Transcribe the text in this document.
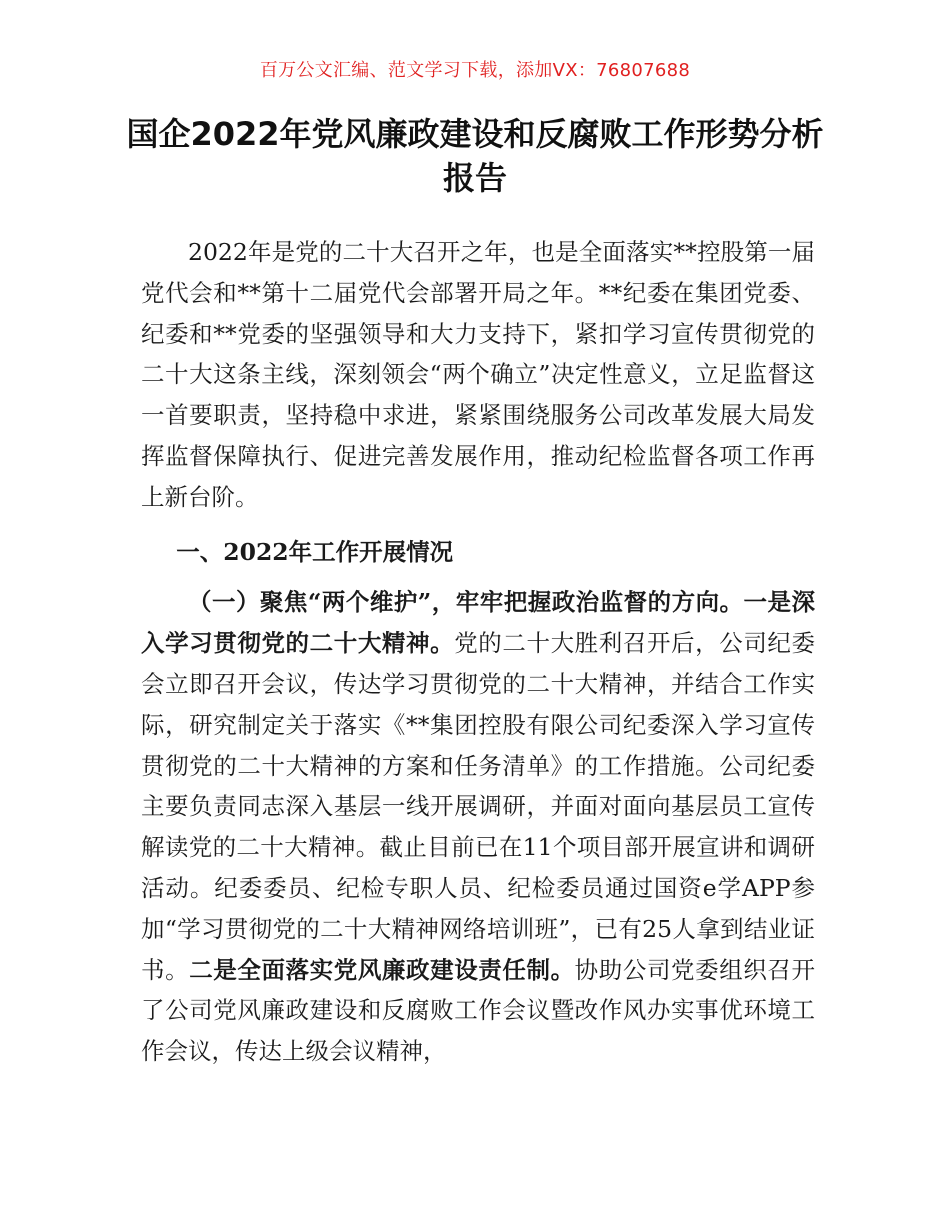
百万公文汇编、范文学习下载，添加VX：76807688
国企2022年党风廉政建设和反腐败工作形势分析报告

2022年是党的二十大召开之年，也是全面落实**控股第一届党代会和**第十二届党代会部署开局之年。**纪委在集团党委、纪委和**党委的坚强领导和大力支持下，紧扣学习宣传贯彻党的二十大这条主线，深刻领会“两个确立”决定性意义，立足监督这一首要职责，坚持稳中求进，紧紧围绕服务公司改革发展大局发挥监督保障执行、促进完善发展作用，推动纪检监督各项工作再上新台阶。

一、2022年工作开展情况

（一）聚焦“两个维护”，牢牢把握政治监督的方向。一是深入学习贯彻党的二十大精神。党的二十大胜利召开后，公司纪委会立即召开会议，传达学习贯彻党的二十大精神，并结合工作实际，研究制定关于落实《**集团控股有限公司纪委深入学习宣传贯彻党的二十大精神的方案和任务清单》的工作措施。公司纪委主要负责同志深入基层一线开展调研，并面对面向基层员工宣传解读党的二十大精神。截止目前已在11个项目部开展宣讲和调研活动。纪委委员、纪检专职人员、纪检委员通过国资e学APP参加“学习贯彻党的二十大精神网络培训班”，已有25人拿到结业证书。二是全面落实党风廉政建设责任制。协助公司党委组织召开了公司党风廉政建设和反腐败工作会议暨改作风办实事优环境工作会议，传达上级会议精神，
